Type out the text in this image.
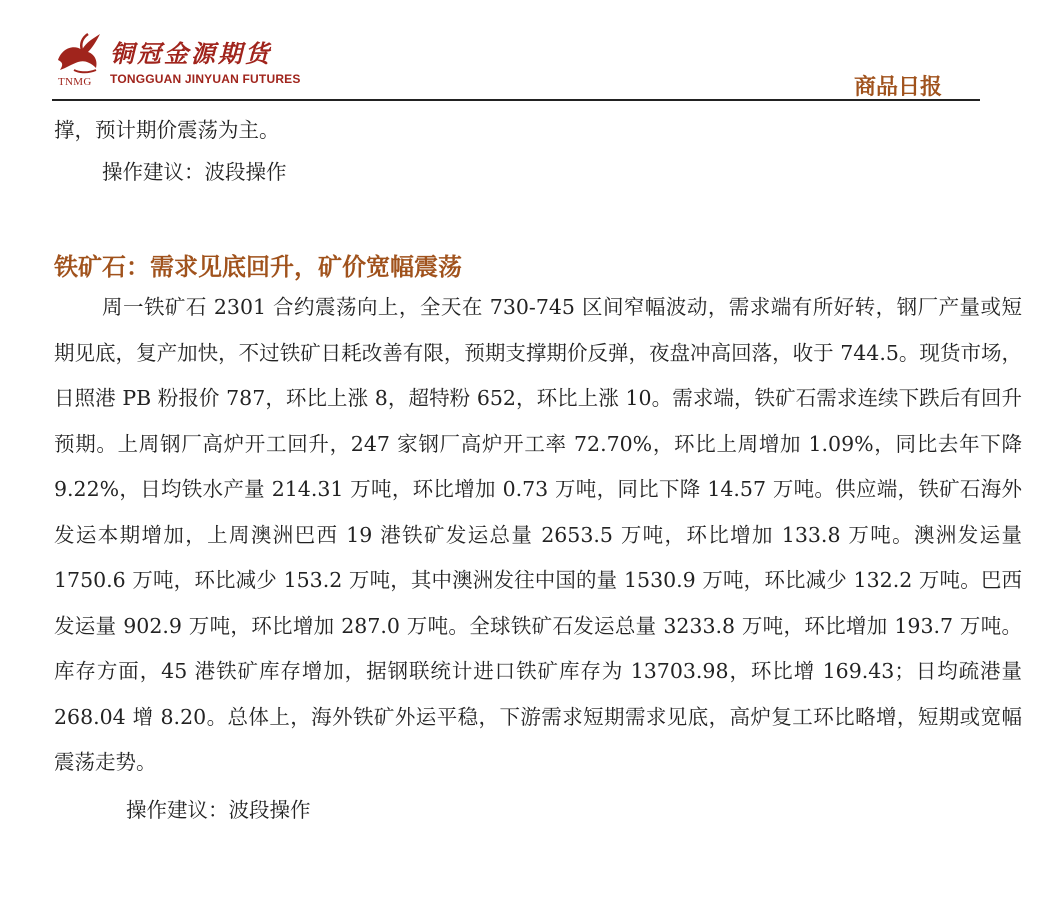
TNMG
铜冠金源期货
TONGGUAN JINYUAN FUTURES	商品日报

撑，预计期价震荡为主。

操作建议：波段操作

铁矿石：需求见底回升，矿价宽幅震荡

周一铁矿石 2301 合约震荡向上，全天在 730-745 区间窄幅波动，需求端有所好转，钢厂产量或短期见底，复产加快，不过铁矿日耗改善有限，预期支撑期价反弹，夜盘冲高回落，收于 744.5。现货市场，日照港 PB 粉报价 787，环比上涨 8，超特粉 652，环比上涨 10。需求端，铁矿石需求连续下跌后有回升预期。上周钢厂高炉开工回升，247 家钢厂高炉开工率 72.70%，环比上周增加 1.09%，同比去年下降 9.22%，日均铁水产量 214.31 万吨，环比增加 0.73 万吨，同比下降 14.57 万吨。供应端，铁矿石海外发运本期增加，上周澳洲巴西 19 港铁矿发运总量 2653.5 万吨，环比增加 133.8 万吨。澳洲发运量 1750.6 万吨，环比减少 153.2 万吨，其中澳洲发往中国的量 1530.9 万吨，环比减少 132.2 万吨。巴西发运量 902.9 万吨，环比增加 287.0 万吨。全球铁矿石发运总量 3233.8 万吨，环比增加 193.7 万吨。库存方面，45 港铁矿库存增加，据钢联统计进口铁矿库存为 13703.98，环比增 169.43；日均疏港量 268.04 增 8.20。总体上，海外铁矿外运平稳，下游需求短期需求见底，高炉复工环比略增，短期或宽幅震荡走势。

操作建议：波段操作
